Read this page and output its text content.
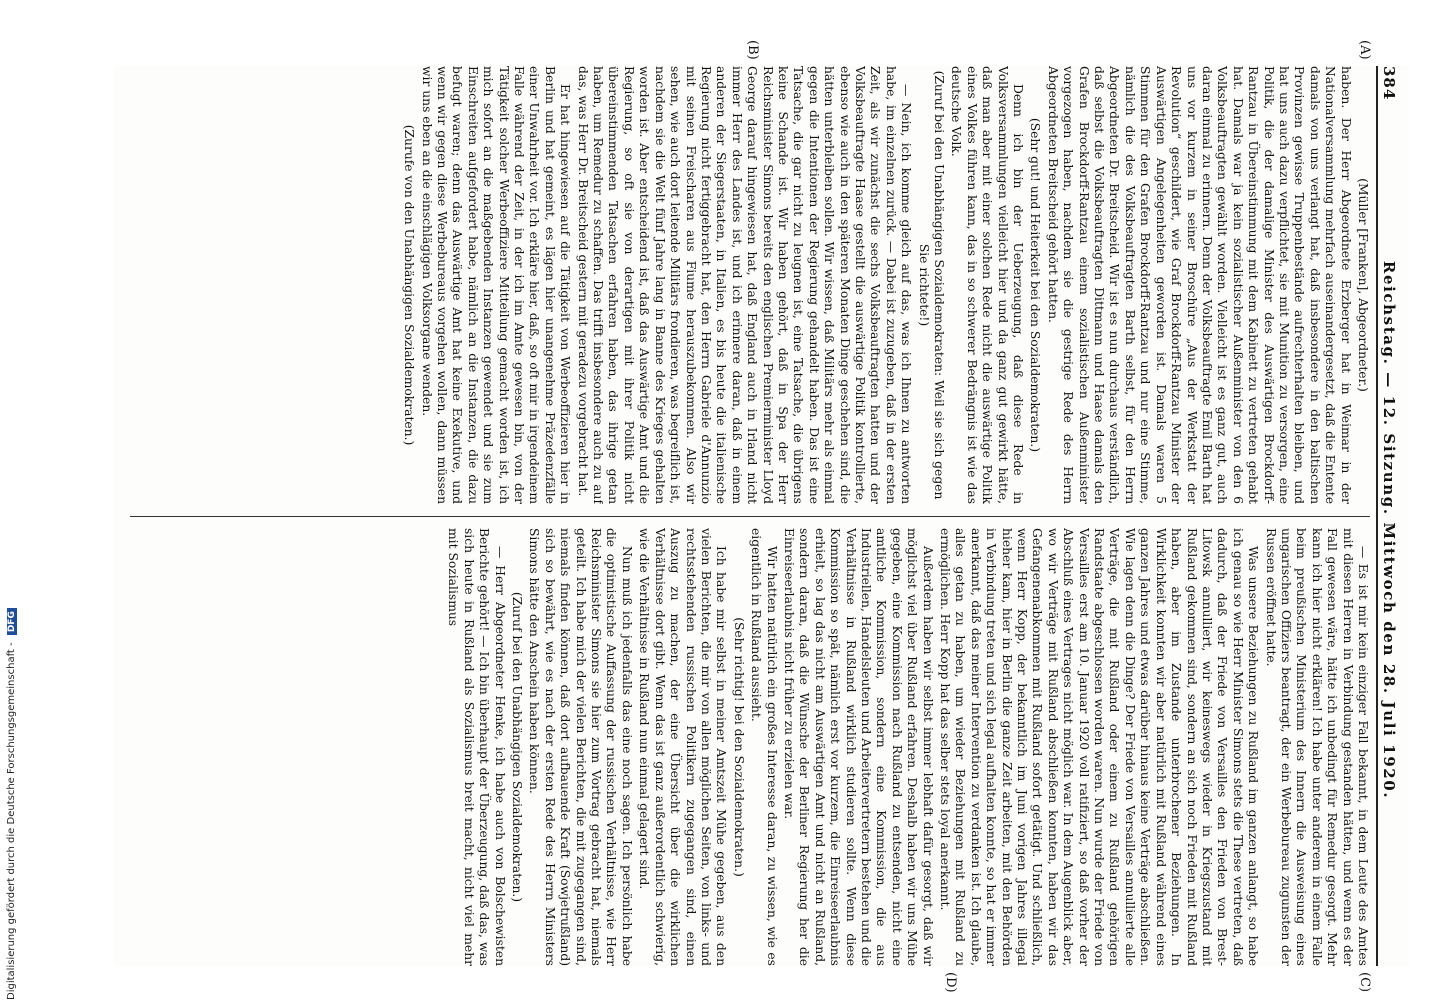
384
Reichstag. — 12. Sitzung. Mittwoch den 28. Juli 1920.

(A)
(B)
(C)
(D)

(Müller [Franken], Abgeordneter.)

haben. Der Herr Abgeordnete Erzberger hat in Weimar in der Nationalversammlung mehrfach auseinandergesetzt, daß die Entente damals von uns verlangt hat, daß insbesondere in den baltischen Provinzen gewisse Truppenbestände aufrechterhalten bleiben, und hat uns auch dazu verpflichtet, sie mit Munition zu versorgen, eine Politik, die der damalige Minister des Auswärtigen Brockdorff-Rantzau in Übereinstimmung mit dem Kabinett zu vertreten gehabt hat. Damals war ja kein sozialistischer Außenminister von den 6 Volksbeauftragten gewählt worden. Vielleicht ist es ganz gut, auch daran einmal zu erinnern. Denn der Volksbeauftragte Emil Barth hat uns vor kurzem in seiner Broschüre „Aus der Werkstatt der Revolution“ geschildert, wie Graf Brockdorff-Rantzau Minister der Auswärtigen Angelegenheiten geworden ist. Damals waren 5 Stimmen für den Grafen Brockdorff-Rantzau und nur eine Stimme, nämlich die des Volksbeauftragten Barth selbst, für den Herrn Abgeordneten Dr. Breitscheid. Wir ist es nun durchaus verständlich, daß selbst die Volksbeauftragten Dittmann und Haase damals den Grafen Brockdorff-Rantzau einem sozialistischen Außenminister vorgezogen haben, nachdem sie die gestrige Rede des Herrn Abgeordneten Breitscheid gehört hatten.

(Sehr gut! und Heiterkeit bei den Sozialdemokraten.)

Denn ich bin der Ueberzeugung, daß diese Rede in Volksversammlungen vielleicht hier und da ganz gut gewirkt hätte, daß man aber mit einer solchen Rede nicht die auswärtige Politik eines Volkes führen kann, das in so schwerer Bedrängnis ist wie das deutsche Volk.

(Zuruf bei den Unabhängigen Sozialdemokraten: Weil sie sich gegen Sie richtete!)

— Nein, ich komme gleich auf das, was ich Ihnen zu antworten habe, im einzelnen zurück. — Dabei ist zuzugeben, daß in der ersten Zeit, als wir zunächst die sechs Volksbeauftragten hatten und der Volksbeauftragte Haase gestellt die auswärtige Politik kontrollierte, ebenso wie auch in den späteren Monaten Dinge geschehen sind, die hätten unterbleiben sollen. Wir wissen, daß Militärs mehr als einmal gegen die Intentionen der Regierung gehandelt haben. Das ist eine Tatsache, die gar nicht zu leugnen ist, eine Tatsache, die übrigens keine Schande ist. Wir haben gehört, daß in Spa der Herr Reichsminister Simons bereits den englischen Premierminister Lloyd George darauf hingewiesen hat, daß England auch in Irland nicht immer Herr des Landes ist, und ich erinnere daran, daß in einem anderen der Siegerstaaten, in Italien, es bis heute die italienische Regierung nicht fertiggebracht hat, den Herrn Gabriele d'Annunzio mit seinen Freischaren aus Fiume herauszubekommen. Also wir sehen, wie auch dort leitende Militärs frondieren, was begreiflich ist, nachdem sie die Welt fünf Jahre lang in Banne des Krieges gehalten worden ist. Aber entscheidend ist, daß das Auswärtige Amt und die Regierung, so oft sie von derartigen mit ihrer Politik nicht übereinstimmenden Tatsachen erfahren haben, das ihrige getan haben, um Remedur zu schaffen. Das trifft insbesondere auch zu auf das, was Herr Dr. Breitscheid gestern mit geradezu vorgebracht hat.

Er hat hingewiesen auf die Tätigkeit von Werbeoffizieren hier in Berlin und hat gemeint, es lägen hier unangenehme Präzedenzfälle einer Unwahrheit vor. Ich erkläre hier, daß, so oft mir in irgendeinem Falle während der Zeit, in der ich im Amte gewesen bin, von der Tätigkeit solcher Werbeoffiziere Mitteilung gemacht worden ist, ich mich sofort an die maßgebenden Instanzen gewendet und sie zum Einschreiten aufgefordert habe, nämlich an die Instanzen, die dazu befugt waren; denn das Auswärtige Amt hat keine Exekutive, und wenn wir gegen diese Werbebureaus vorgehen wollen, dann müssen wir uns eben an die einschlägigen Volksorgane wenden.

(Zurufe von den Unabhängigen Sozialdemokraten.)

— Es ist mir kein einziger Fall bekannt, in dem Leute des Amtes mit diesen Herren in Verbindung gestanden hätten, und wenn es der Fall gewesen wäre, hätte ich unbedingt für Remedur gesorgt. Mehr kann ich hier nicht erklären! Ich habe unter anderem in einem Falle beim preußischen Ministerium des Innern die Ausweisung eines ungarischen Offiziers beantragt, der ein Werbebureau zugunsten der Russen eröffnet hatte.

Was unsere Beziehungen zu Rußland im ganzen anlangt, so habe ich genau so wie Herr Minister Simons stets die These vertreten, daß dadurch, daß der Friede von Versailles den Frieden von Brest-Litowsk annulliert, wir keineswegs wieder in Kriegszustand mit Rußland gekommen sind, sondern an sich noch Frieden mit Rußland haben, aber im Zustande unterbrochener Beziehungen. In Wirklichkeit konnten wir aber natürlich mit Rußland während eines ganzen Jahres und etwas darüber hinaus keine Verträge abschließen. Wie lagen denn die Dinge? Der Friede von Versailles annullierte alle Verträge, die mit Rußland oder einem zu Rußland gehörigen Randstaate abgeschlossen worden waren. Nun wurde der Friede von Versailles erst am 10. Januar 1920 voll ratifiziert, so daß vorher der Abschluß eines Vertrages nicht möglich war. In dem Augenblick aber, wo wir Verträge mit Rußland abschließen konnten, haben wir das Gefangenenabkommen mit Rußland sofort getätigt. Und schließlich, wenn Herr Kopp, der bekanntlich im Juni vorigen Jahres illegal hieher kam, hier in Berlin die ganze Zeit arbeiten, mit den Behörden in Verbindung treten und sich legal aufhalten konnte, so hat er immer anerkannt, daß das meiner Intervention zu verdanken ist. Ich glaube, alles getan zu haben, um wieder Beziehungen mit Rußland zu ermöglichen. Herr Kopp hat das selber stets loyal anerkannt.

Außerdem haben wir selbst immer lebhaft dafür gesorgt, daß wir möglichst viel über Rußland erfahren. Deshalb haben wir uns Mühe gegeben, eine Kommission nach Rußland zu entsenden, nicht eine amtliche Kommission, sondern eine Kommission, die aus Industriellen, Handelsleuten und Arbeitervertretern bestehen und die Verhältnisse in Rußland wirklich studieren sollte. Wenn diese Kommission so spät, nämlich erst vor kurzem, die Einreiseerlaubnis erhielt, so lag das nicht am Auswärtigen Amt und nicht an Rußland, sondern daran, daß die Wünsche der Berliner Regierung her die Einreiseerlaubnis nicht früher zu erzielen war.

Wir hatten natürlich ein großes Interesse daran, zu wissen, wie es eigentlich in Rußland aussieht.

(Sehr richtig! bei den Sozialdemokraten.)

Ich habe mir selbst in meiner Amtszeit Mühe gegeben, aus den vielen Berichten, die mir von allen möglichen Seiten, von links- und rechtsstehenden russischen Politikern zugegangen sind, einen Auszug zu machen, der eine Übersicht über die wirklichen Verhältnisse dort gibt. Wenn das ist ganz außerordentlich schwierig, wie die Verhältnisse in Rußland nun einmal gelagert sind.

Nun muß ich jedenfalls das eine noch sagen. Ich persönlich habe die optimistische Auffassung der russischen Verhältnisse, wie Herr Reichsminister Simons sie hier zum Vortrag gebracht hat, niemals geteilt. Ich habe mich der vielen Berichten, die mit zugegangen sind, niemals finden können, daß dort aufbauende Kraft (Sowjetrußland) sich so bewährt, wie es nach der ersten Rede des Herrn Ministers Simons hätte den Anschein haben können.

(Zuruf bei den Unabhängigen Sozialdemokraten.)

— Herr Abgeordneter Henke, ich habe auch von Bolschewisten Berichte gehört! — Ich bin überhaupt der Überzeugung, daß das, was sich heute in Rußland als Sozialismus breit macht, nicht viel mehr mit Sozialismus

Digitalisierung gefördert durch die Deutsche Forschungsgemeinschaft - DFG
